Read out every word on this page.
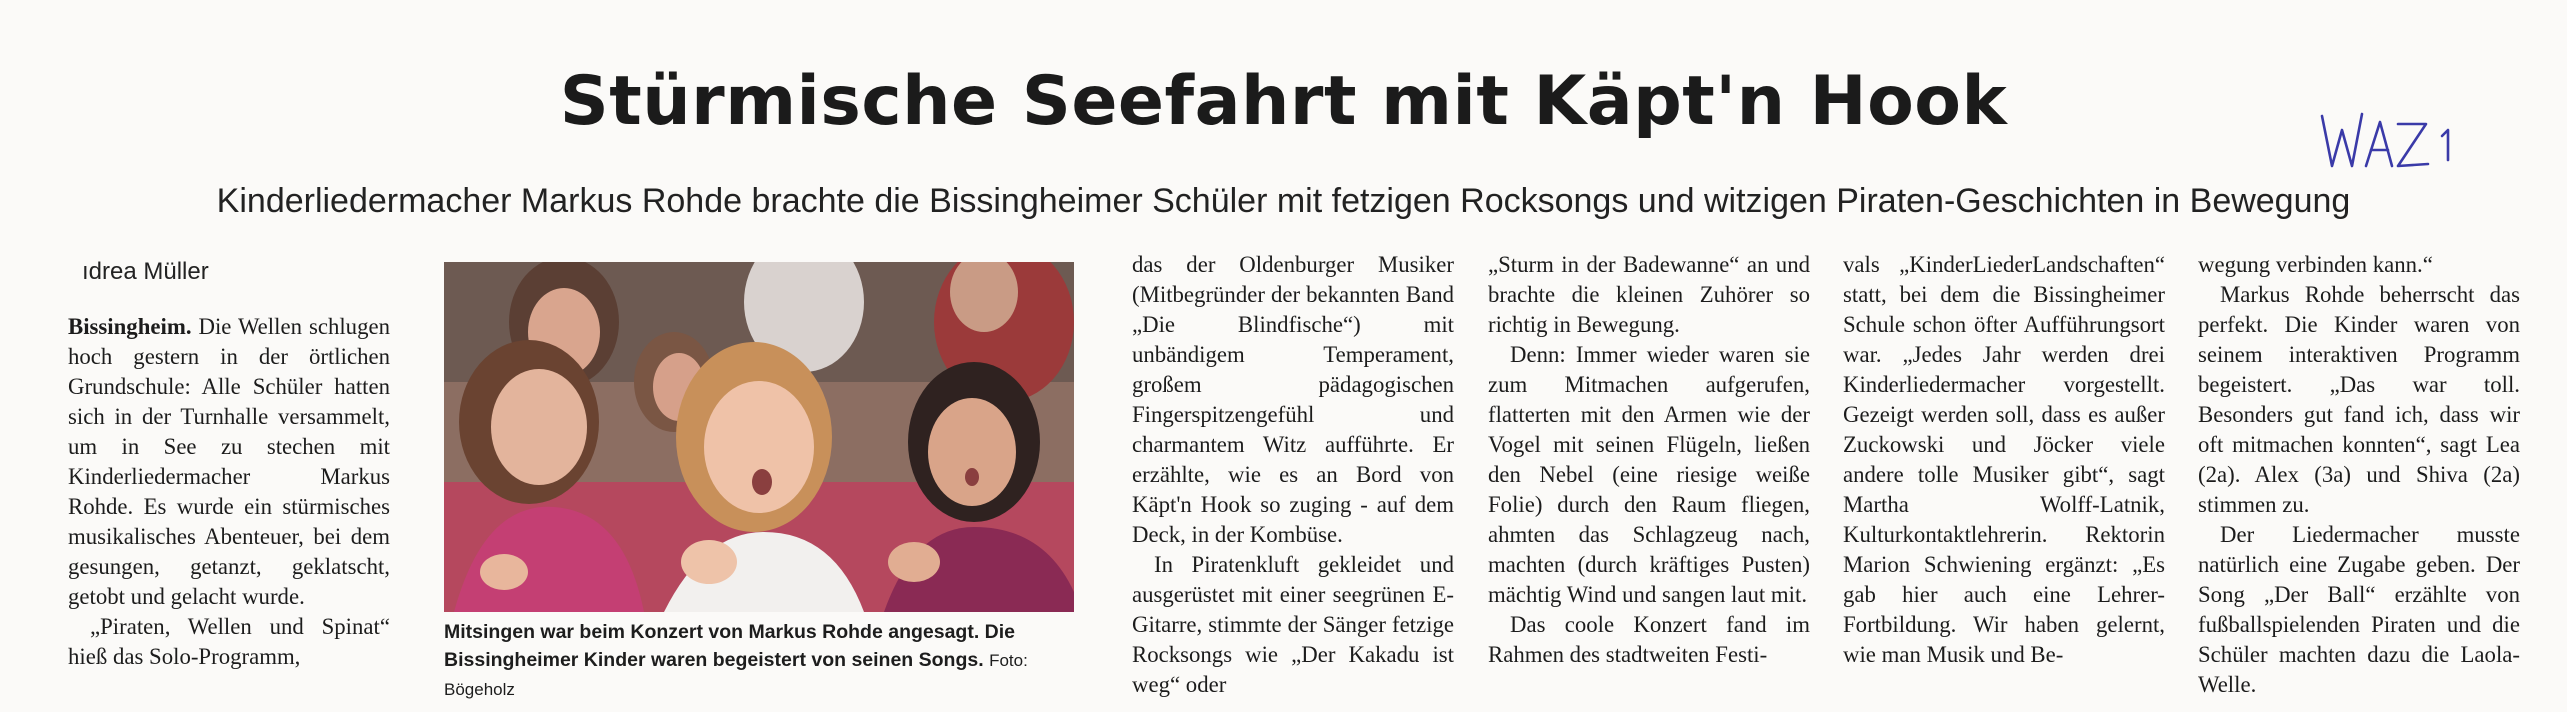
Stürmische Seefahrt mit Käpt'n Hook
Kinderliedermacher Markus Rohde brachte die Bissingheimer Schüler mit fetzigen Rocksongs und witzigen Piraten-Geschichten in Bewegung
ıdrea Müller

Bissingheim. Die Wellen schlugen hoch gestern in der örtlichen Grundschule: Alle Schüler hatten sich in der Turnhalle versammelt, um in See zu stechen mit Kinderliedermacher Markus Rohde. Es wurde ein stürmisches musikalisches Abenteuer, bei dem gesungen, getanzt, geklatscht, getobt und gelacht wurde.

„Piraten, Wellen und Spinat“ hieß das Solo-Programm,

Mitsingen war beim Konzert von Markus Rohde angesagt. Die Bissingheimer Kinder waren begeistert von seinen Songs. Foto: Bögeholz

das der Oldenburger Musiker (Mitbegründer der bekannten Band „Die Blindfische“) mit unbändigem Temperament, großem pädagogischen Fingerspitzengefühl und charmantem Witz aufführte. Er erzählte, wie es an Bord von Käpt'n Hook so zuging - auf dem Deck, in der Kombüse.

In Piratenkluft gekleidet und ausgerüstet mit einer seegrünen E-Gitarre, stimmte der Sänger fetzige Rocksongs wie „Der Kakadu ist weg“ oder

„Sturm in der Badewanne“ an und brachte die kleinen Zuhörer so richtig in Bewegung.

Denn: Immer wieder waren sie zum Mitmachen aufgerufen, flatterten mit den Armen wie der Vogel mit seinen Flügeln, ließen den Nebel (eine riesige weiße Folie) durch den Raum fliegen, ahmten das Schlagzeug nach, machten (durch kräftiges Pusten) mächtig Wind und sangen laut mit.

Das coole Konzert fand im Rahmen des stadtweiten Festi-

vals „KinderLiederLandschaften“ statt, bei dem die Bissingheimer Schule schon öfter Aufführungsort war. „Jedes Jahr werden drei Kinderliedermacher vorgestellt. Gezeigt werden soll, dass es außer Zuckowski und Jöcker viele andere tolle Musiker gibt“, sagt Martha Wolff-Latnik, Kulturkontaktlehrerin. Rektorin Marion Schwiening ergänzt: „Es gab hier auch eine Lehrer-Fortbildung. Wir haben gelernt, wie man Musik und Be-

wegung verbinden kann.“

Markus Rohde beherrscht das perfekt. Die Kinder waren von seinem interaktiven Programm begeistert. „Das war toll. Besonders gut fand ich, dass wir oft mitmachen konnten“, sagt Lea (2a). Alex (3a) und Shiva (2a) stimmen zu.

Der Liedermacher musste natürlich eine Zugabe geben. Der Song „Der Ball“ erzählte von fußballspielenden Piraten und die Schüler machten dazu die Laola-Welle.
